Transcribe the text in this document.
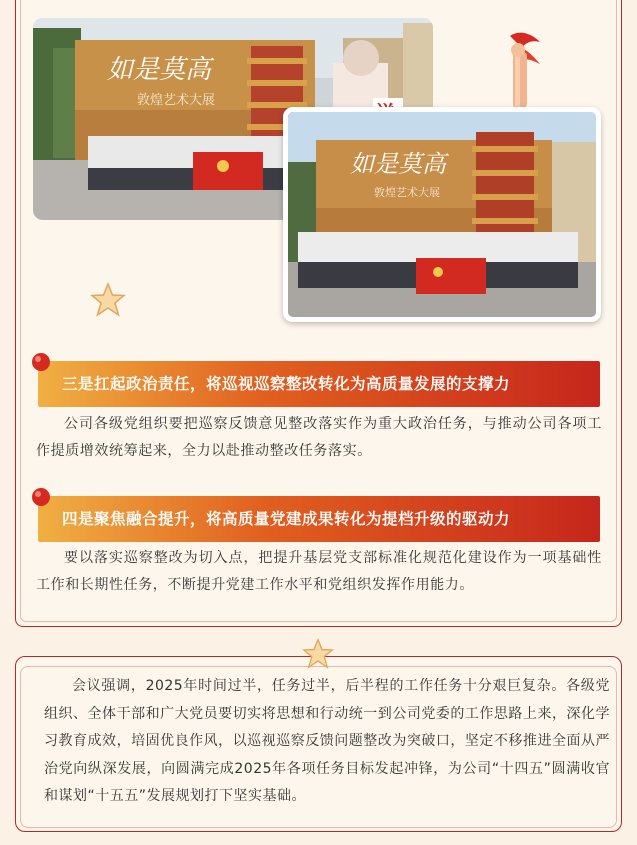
如是莫高
敦煌艺术大展
如是莫高
敦煌艺术大展
三是扛起政治责任，将巡视巡察整改转化为高质量发展的支撑力
公司各级党组织要把巡察反馈意见整改落实作为重大政治任务，与推动公司各项工作提质增效统筹起来，全力以赴推动整改任务落实。
四是聚焦融合提升，将高质量党建成果转化为提档升级的驱动力
要以落实巡察整改为切入点，把提升基层党支部标准化规范化建设作为一项基础性工作和长期性任务，不断提升党建工作水平和党组织发挥作用能力。
会议强调，2025年时间过半，任务过半，后半程的工作任务十分艰巨复杂。各级党组织、全体干部和广大党员要切实将思想和行动统一到公司党委的工作思路上来，深化学习教育成效，培固优良作风，以巡视巡察反馈问题整改为突破口，坚定不移推进全面从严治党向纵深发展，向圆满完成2025年各项任务目标发起冲锋，为公司“十四五”圆满收官和谋划“十五五”发展规划打下坚实基础。
